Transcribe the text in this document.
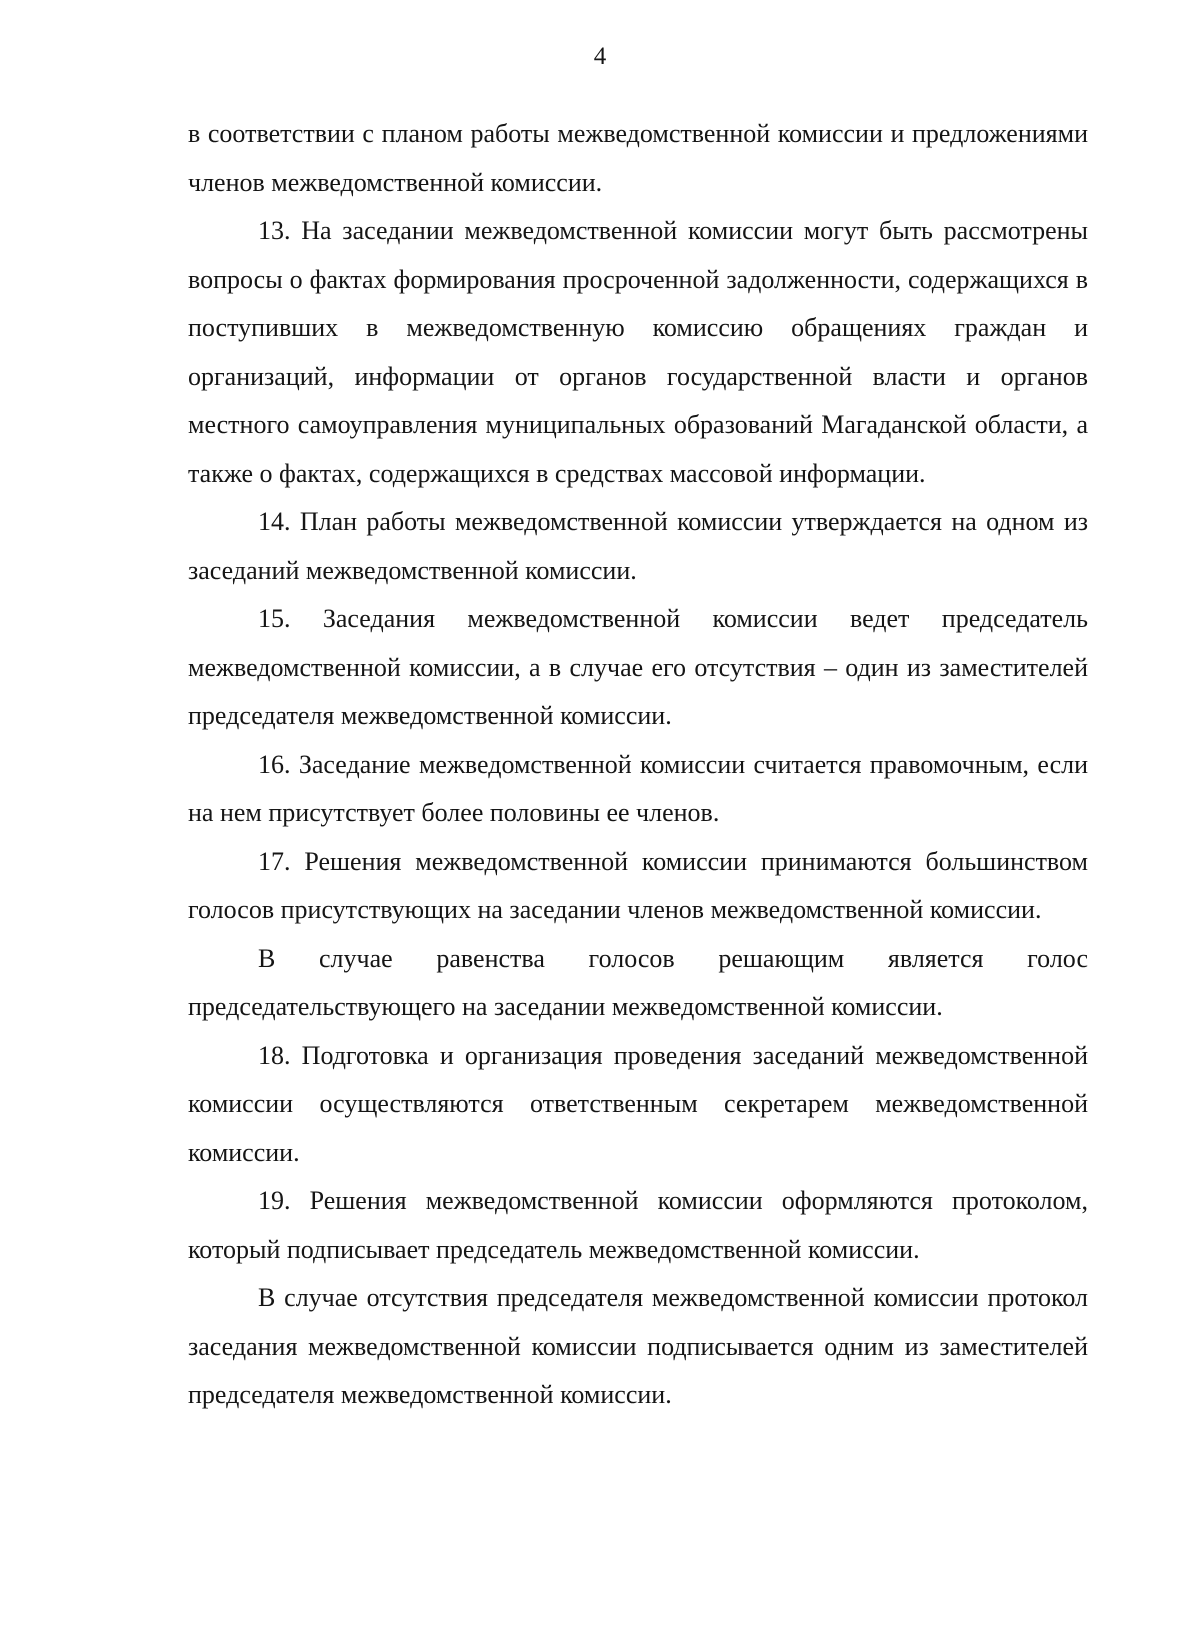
4

в соответствии с планом работы межведомственной комиссии и предложениями членов межведомственной комиссии.

13. На заседании межведомственной комиссии могут быть рассмотрены вопросы о фактах формирования просроченной задолженности, содержащихся в поступивших в межведомственную комиссию обращениях граждан и организаций, информации от органов государственной власти и органов местного самоуправления муниципальных образований Магаданской области, а также о фактах, содержащихся в средствах массовой информации.

14. План работы межведомственной комиссии утверждается на одном из заседаний межведомственной комиссии.

15. Заседания межведомственной комиссии ведет председатель межведомственной комиссии, а в случае его отсутствия – один из заместителей председателя межведомственной комиссии.

16. Заседание межведомственной комиссии считается правомочным, если на нем присутствует более половины ее членов.

17. Решения межведомственной комиссии принимаются большинством голосов присутствующих на заседании членов межведомственной комиссии.

В случае равенства голосов решающим является голос председательствующего на заседании межведомственной комиссии.

18. Подготовка и организация проведения заседаний межведомственной комиссии осуществляются ответственным секретарем межведомственной комиссии.

19. Решения межведомственной комиссии оформляются протоколом, который подписывает председатель межведомственной комиссии.

В случае отсутствия председателя межведомственной комиссии протокол заседания межведомственной комиссии подписывается одним из заместителей председателя межведомственной комиссии.
